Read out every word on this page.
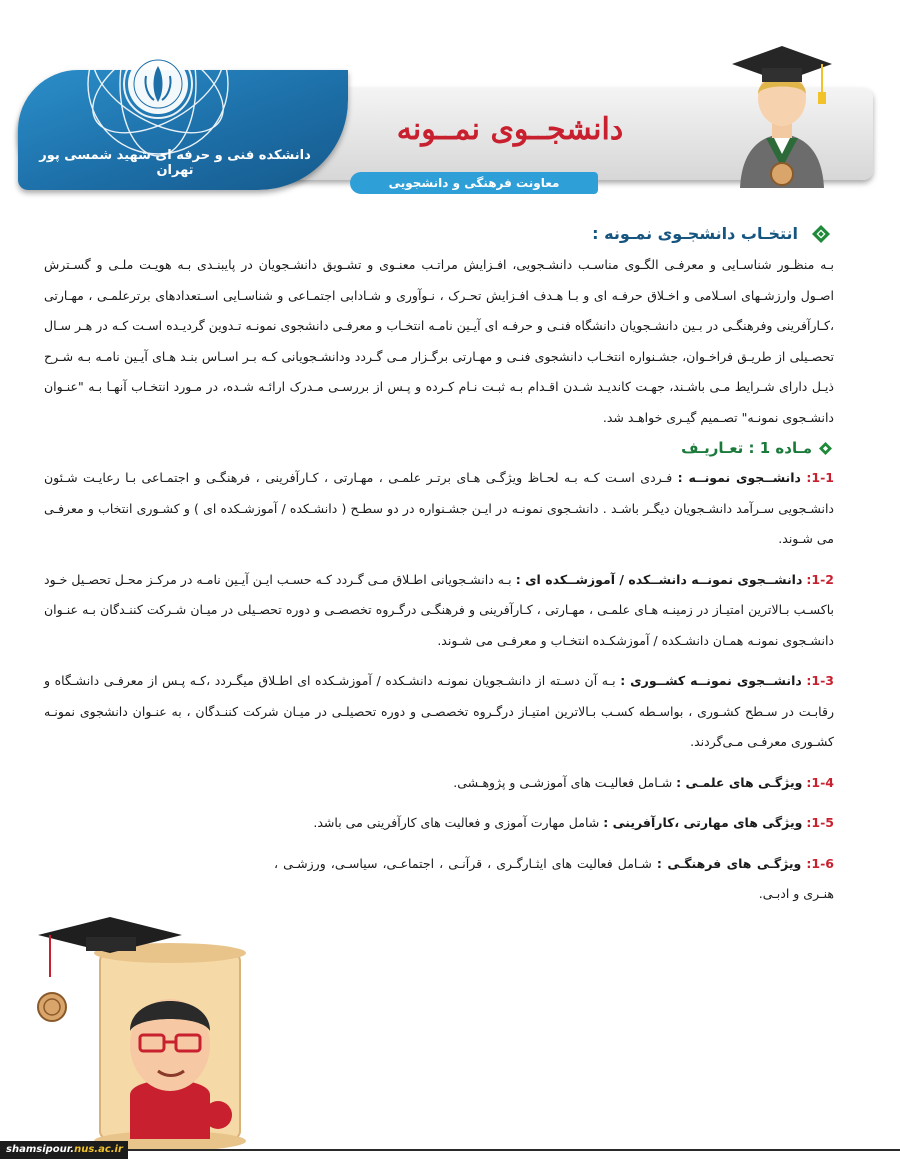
دانشکده فنی و حرفه ای شهید شمسی پور تهران
دانشجــوی نمــونه
معاونت فرهنگی و دانشجویی
انتخـاب دانشجـوی نمـونه :

بـه منظـور شناسـایی و معرفـی الگـوی مناسـب دانشـجویی، افـزایش مراتـب معنـوی و تشـویق دانشـجویان در پایبنـدی بـه هویـت ملـی و گسـترش اصـول وارزشـهای اسـلامی و اخـلاق حرفـه ای و بـا هـدف افـزایش تحـرک ، نـوآوری و شـادابی اجتمـاعی و شناسـایی اسـتعدادهای برترعلمـی ، مهـارتی ،کـارآفرینی وفرهنگـی در بـین دانشـجویان دانشگاه فنـی و حرفـه ای آیـین نامـه انتخـاب و معرفـی دانشجوی نمونـه تـدوین گردیـده اسـت کـه در هـر سـال تحصـیلی از طریـق فراخـوان، جشـنواره انتخـاب دانشجوی فنـی و مهـارتی برگـزار مـی گـردد ودانشـجویانی کـه بـر اسـاس بنـد هـای آیـین نامـه بـه شـرح ذیـل دارای شـرایط مـی باشـند، جهـت کاندیـد شـدن اقـدام بـه ثبـت نـام کـرده و پـس از بررسـی مـدرک ارائـه شـده، در مـورد انتخـاب آنهـا بـه "عنـوان دانشـجوی نمونـه" تصـمیم گیـری خواهـد شد.

مـاده 1 : تعـاریـف

1-1: دانشــجوی نمونــه : فـردی اسـت کـه بـه لحـاظ ویژگـی هـای برتـر علمـی ، مهـارتی ، کـارآفرینی ، فرهنگـی و اجتمـاعی بـا رعایـت شـئون دانشـجویی سـرآمد دانشـجویان دیگـر باشـد . دانشـجوی نمونـه در ایـن جشـنواره در دو سطـح ( دانشـکده / آموزشـکده ای ) و کشـوری انتخاب و معرفـی می شـوند.

1-2: دانشــجوی نمونــه دانشــکده / آموزشــکده ای : بـه دانشـجویانی اطـلاق مـی گـردد کـه حسـب ایـن آیـین نامـه در مرکـز محـل تحصـیل خـود باکسـب بـالاترین امتیـاز در زمینـه هـای علمـی ، مهـارتی ، کـارآفرینی و فرهنگـی درگـروه تخصصـی و دوره تحصـیلی در میـان شـرکت کننـدگان بـه عنـوان دانشـجوی نمونـه همـان دانشـکده / آموزشکـده انتخـاب و معرفـی می شـوند.

1-3: دانشــجوی نمونــه کشــوری : بـه آن دسـته از دانشـجویان نمونـه دانشـکده / آموزشـکده ای اطـلاق میگـردد ،کـه پـس از معرفـی دانشـگاه و رقابـت در سـطح کشـوری ، بواسـطه کسـب بـالاترین امتیـاز درگـروه تخصصـی و دوره تحصیلـی در میـان شرکت کننـدگان ، به عنـوان دانشجوی نمونـه کشـوری معرفـی مـی‌گردند.

1-4: ویژگـی های علمـی : شـامل فعالیـت های آموزشـی و پژوهـشی.

1-5: ویژگی های مهارتی ،کارآفرینی : شامل مهارت آموزی و فعالیت های کارآفرینی می باشد.

1-6: ویژگـی های فرهنگـی : شـامل فعالیت های ایثـارگـری ، قرآنـی ، اجتماعـی، سیاسـی، ورزشـی ، هنـری و ادبـی.

shamsipour.nus.ac.ir
